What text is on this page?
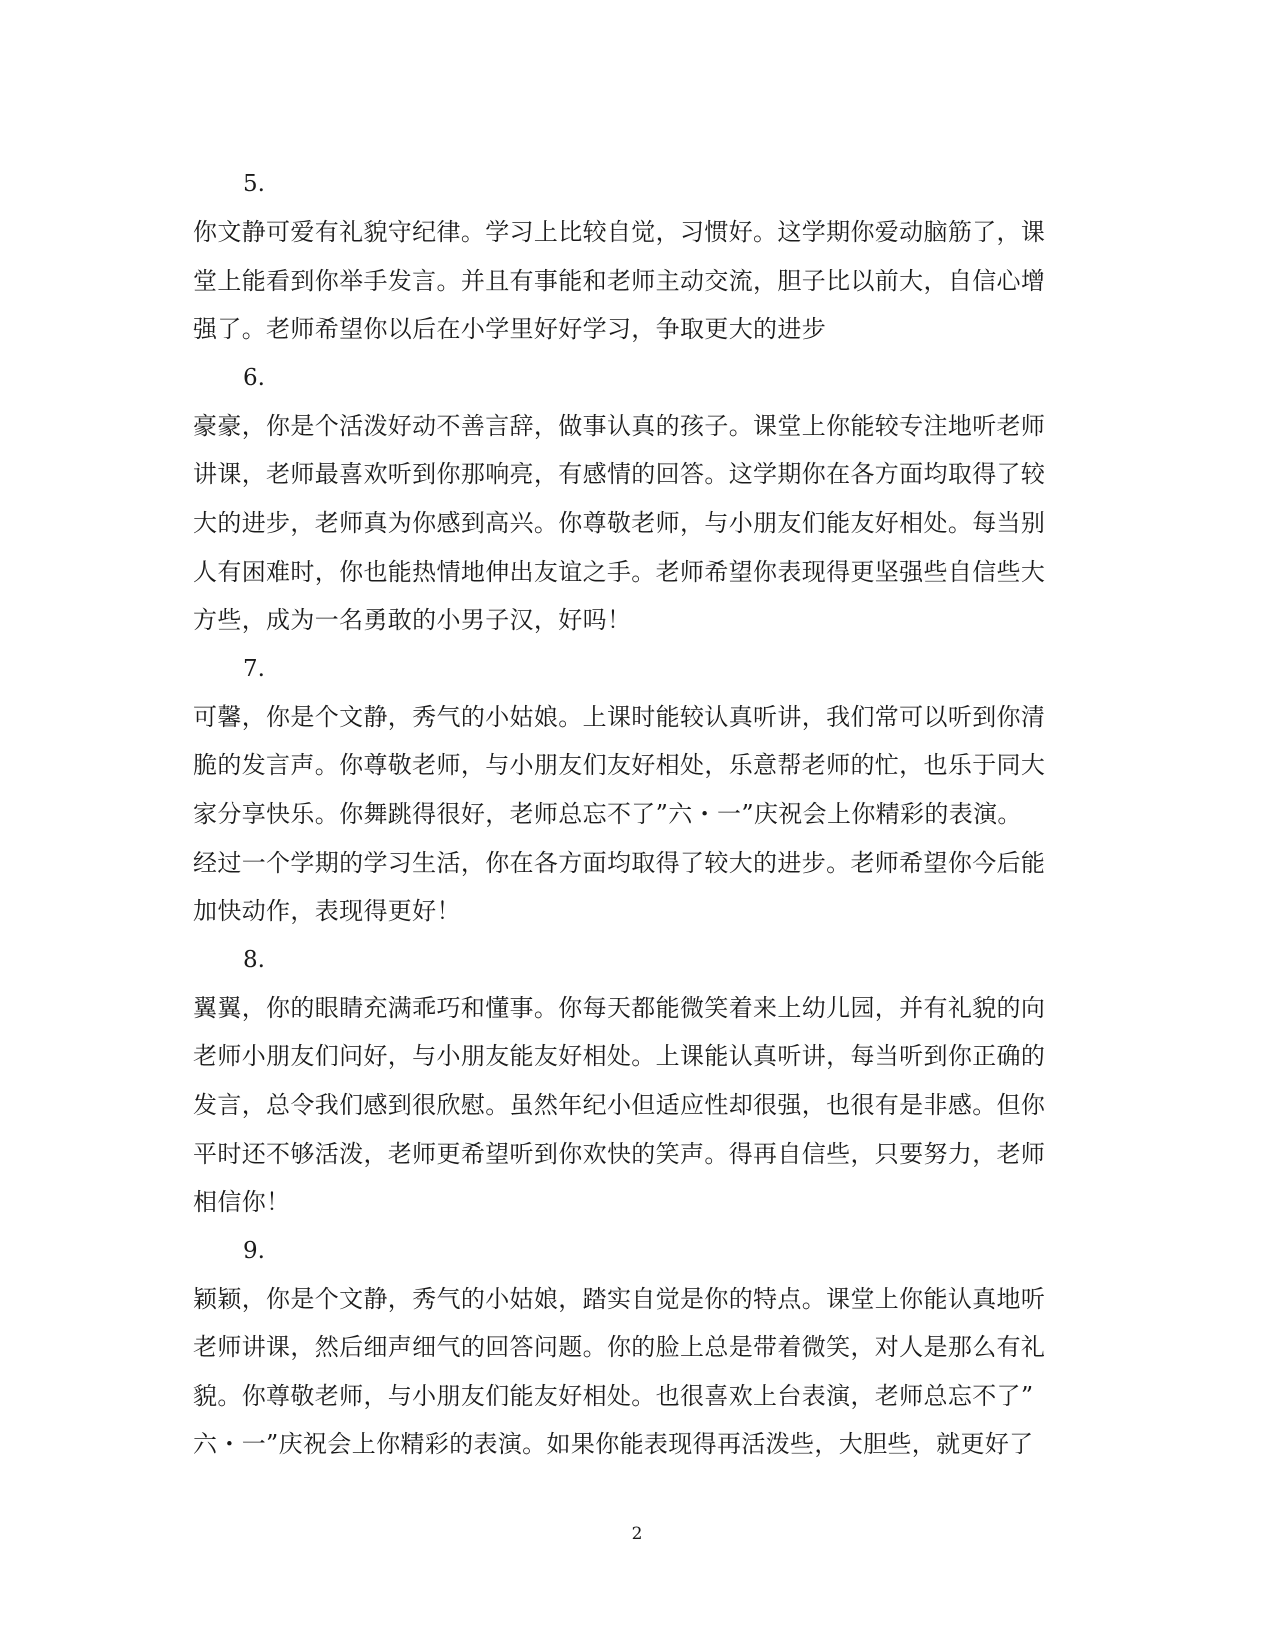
5.
你文静可爱有礼貌守纪律。学习上比较自觉，习惯好。这学期你爱动脑筋了，课
堂上能看到你举手发言。并且有事能和老师主动交流，胆子比以前大，自信心增
强了。老师希望你以后在小学里好好学习，争取更大的进步
6.
豪豪，你是个活泼好动不善言辞，做事认真的孩子。课堂上你能较专注地听老师
讲课，老师最喜欢听到你那响亮，有感情的回答。这学期你在各方面均取得了较
大的进步，老师真为你感到高兴。你尊敬老师，与小朋友们能友好相处。每当别
人有困难时，你也能热情地伸出友谊之手。老师希望你表现得更坚强些自信些大
方些，成为一名勇敢的小男子汉，好吗！
7.
可馨，你是个文静，秀气的小姑娘。上课时能较认真听讲，我们常可以听到你清
脆的发言声。你尊敬老师，与小朋友们友好相处，乐意帮老师的忙，也乐于同大
家分享快乐。你舞跳得很好，老师总忘不了”六・一”庆祝会上你精彩的表演。
经过一个学期的学习生活，你在各方面均取得了较大的进步。老师希望你今后能
加快动作，表现得更好！
8.
翼翼，你的眼睛充满乖巧和懂事。你每天都能微笑着来上幼儿园，并有礼貌的向
老师小朋友们问好，与小朋友能友好相处。上课能认真听讲，每当听到你正确的
发言，总令我们感到很欣慰。虽然年纪小但适应性却很强，也很有是非感。但你
平时还不够活泼，老师更希望听到你欢快的笑声。得再自信些，只要努力，老师
相信你！
9.
颖颖，你是个文静，秀气的小姑娘，踏实自觉是你的特点。课堂上你能认真地听
老师讲课，然后细声细气的回答问题。你的脸上总是带着微笑，对人是那么有礼
貌。你尊敬老师，与小朋友们能友好相处。也很喜欢上台表演，老师总忘不了”
六・一”庆祝会上你精彩的表演。如果你能表现得再活泼些，大胆些，就更好了
2
